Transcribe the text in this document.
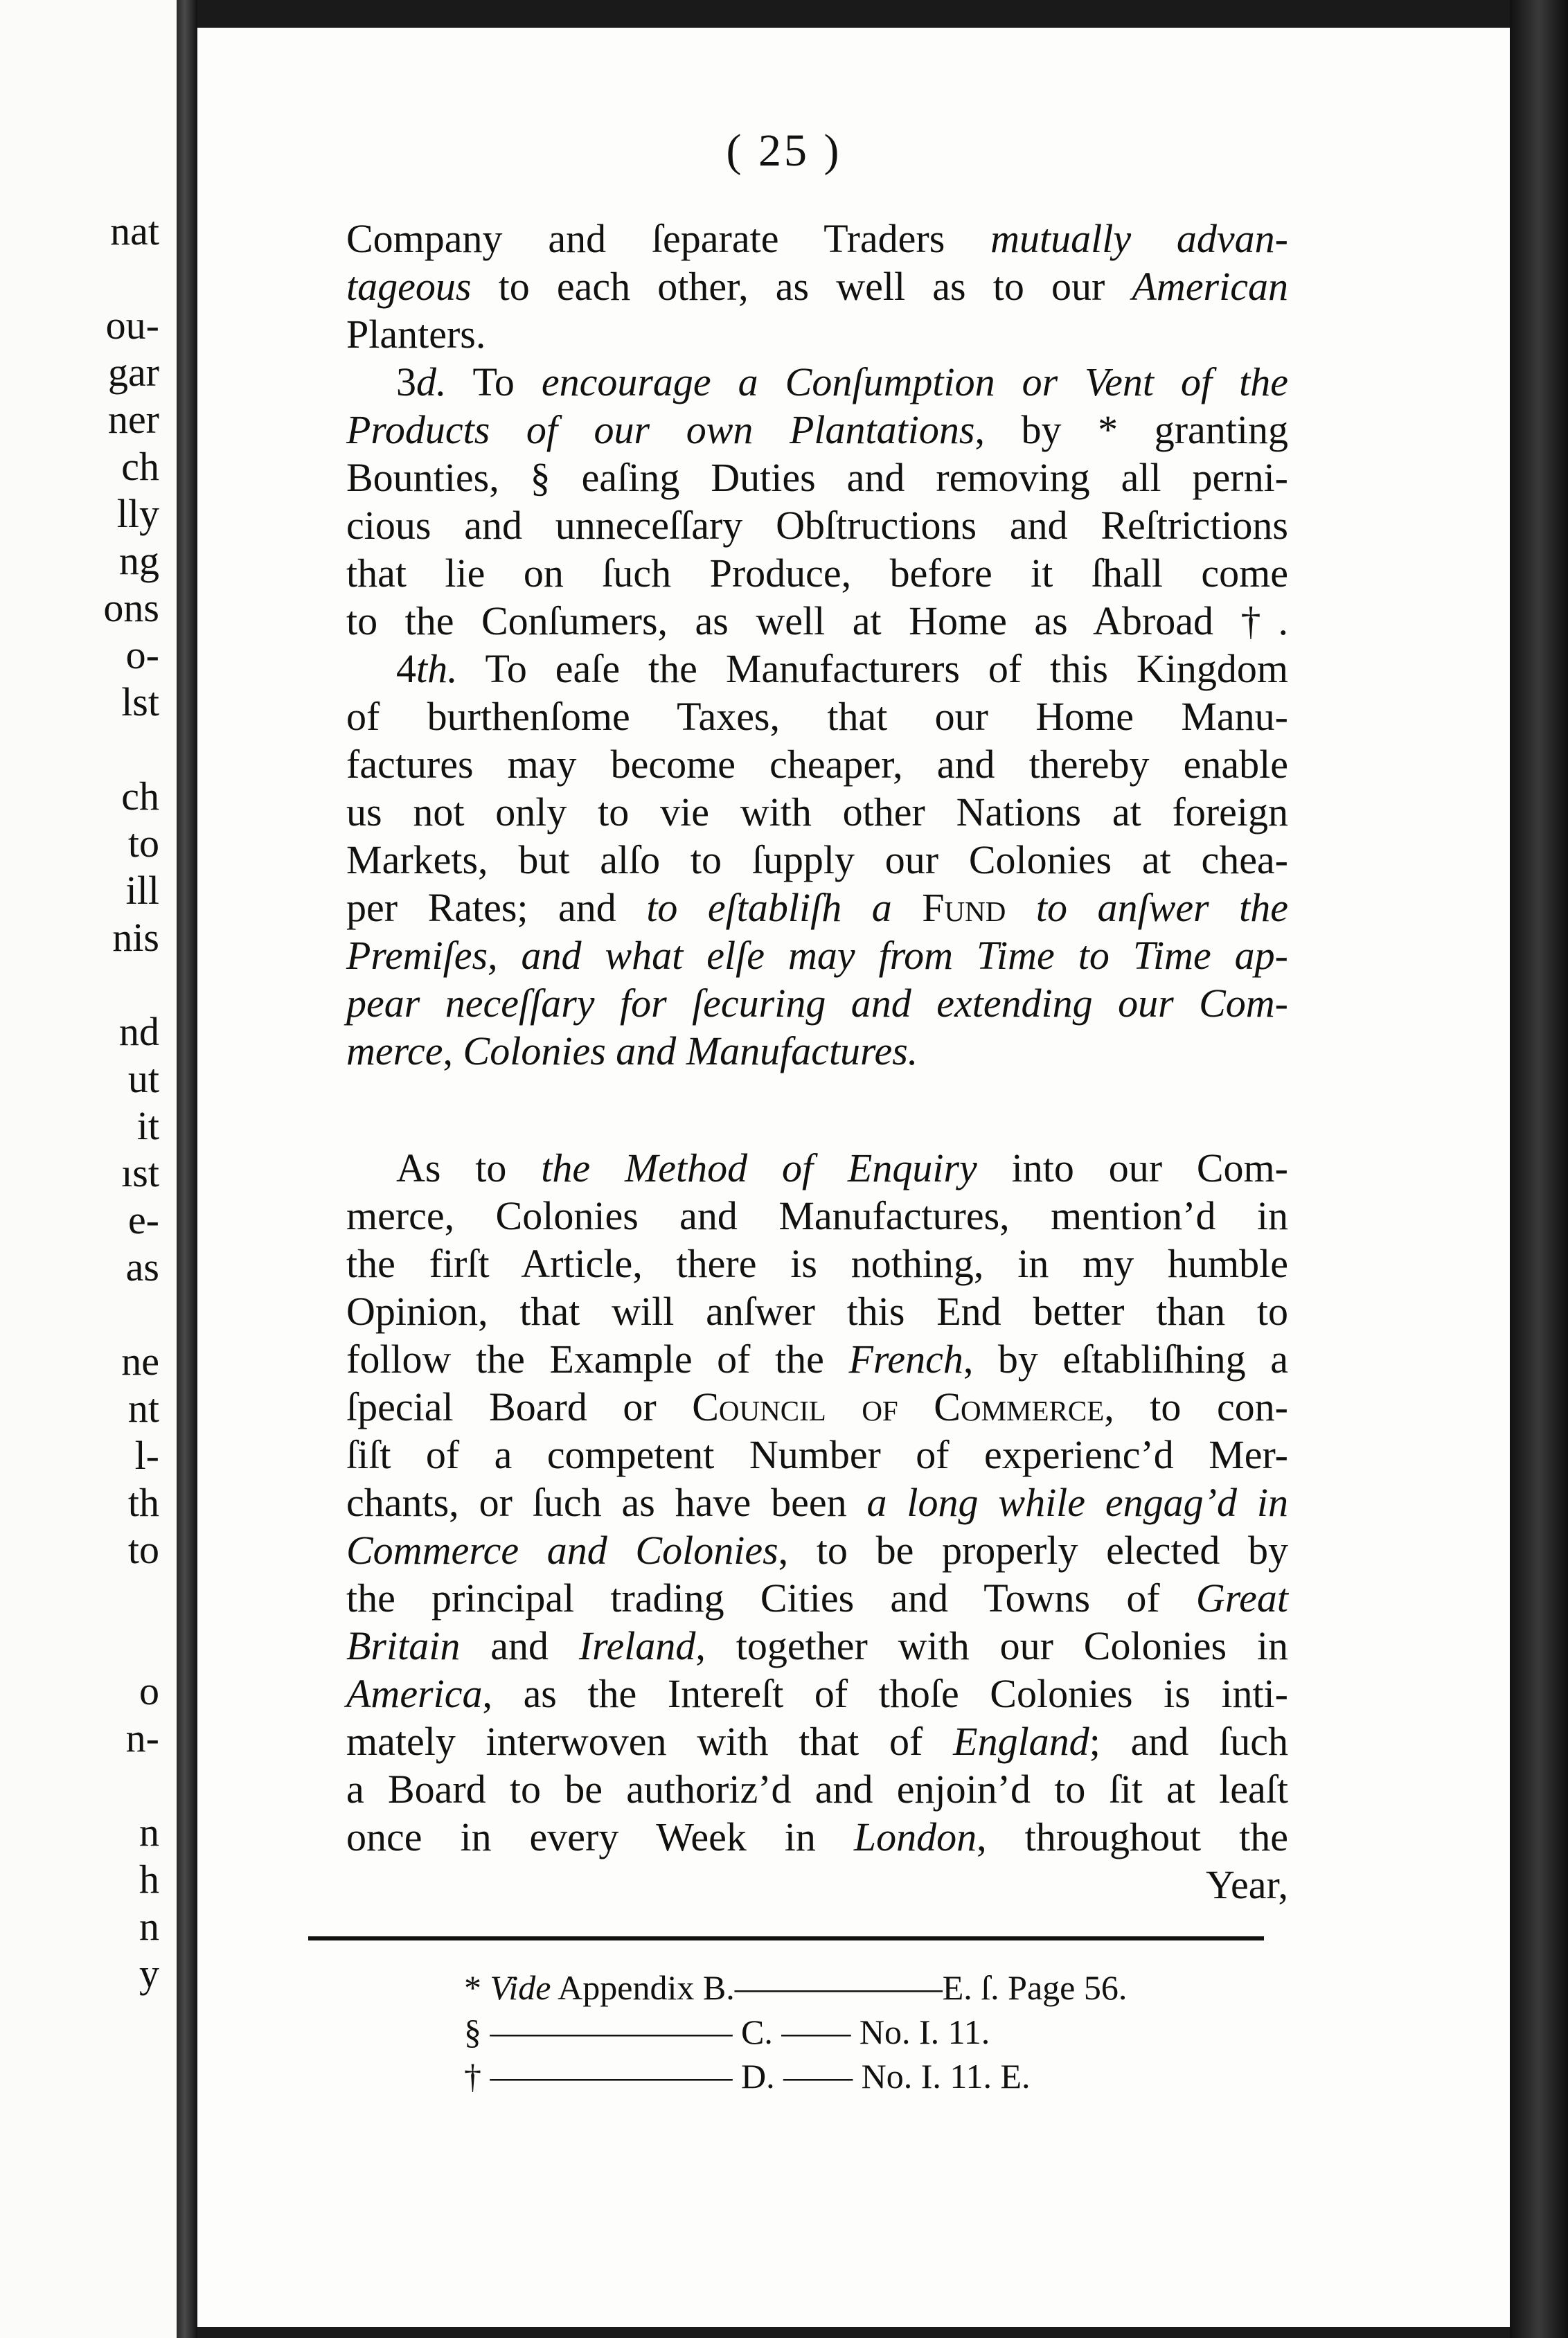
nat
ou-
gar
ner
ch
lly
ng
ons
o-
lst
ch
to
ill
nis
nd
ut
it
ıst
e-
as
ne
nt
l-
th
to
o
n-
n
h
n
y
( 25 )
Company and ſeparate Traders mutually advan-
tageous to each other, as well as to our American
Planters.
3d. To encourage a Conſumption or Vent of the
Products of our own Plantations, by * granting
Bounties, § eaſing Duties and removing all perni-
cious and unneceſſary Obſtructions and Reſtrictions
that lie on ſuch Produce, before it ſhall come
to the Conſumers, as well at Home as Abroad †.
4th. To eaſe the Manufacturers of this Kingdom
of burthenſome Taxes, that our Home Manu-
factures may become cheaper, and thereby enable
us not only to vie with other Nations at foreign
Markets, but alſo to ſupply our Colonies at chea-
per Rates; and to eſtabliſh a Fund to anſwer the
Premiſes, and what elſe may from Time to Time ap-
pear neceſſary for ſecuring and extending our Com-
merce, Colonies and Manufactures.
As to the Method of Enquiry into our Com-
merce, Colonies and Manufactures, mention’d in
the firſt Article, there is nothing, in my humble
Opinion, that will anſwer this End better than to
follow the Example of the French, by eſtabliſhing a
ſpecial Board or Council of Commerce, to con-
ſiſt of a competent Number of experienc’d Mer-
chants, or ſuch as have been a long while engag’d in
Commerce and Colonies, to be properly elected by
the principal trading Cities and Towns of Great
Britain and Ireland, together with our Colonies in
America, as the Intereſt of thoſe Colonies is inti-
mately interwoven with that of England; and ſuch
a Board to be authoriz’d and enjoin’d to ſit at leaſt
once in every Week in London, throughout the
Year,
* Vide Appendix B.——————E. ſ. Page 56.
§ ——————— C. —— No. I. 11.
† ——————— D. —— No. I. 11. E.
